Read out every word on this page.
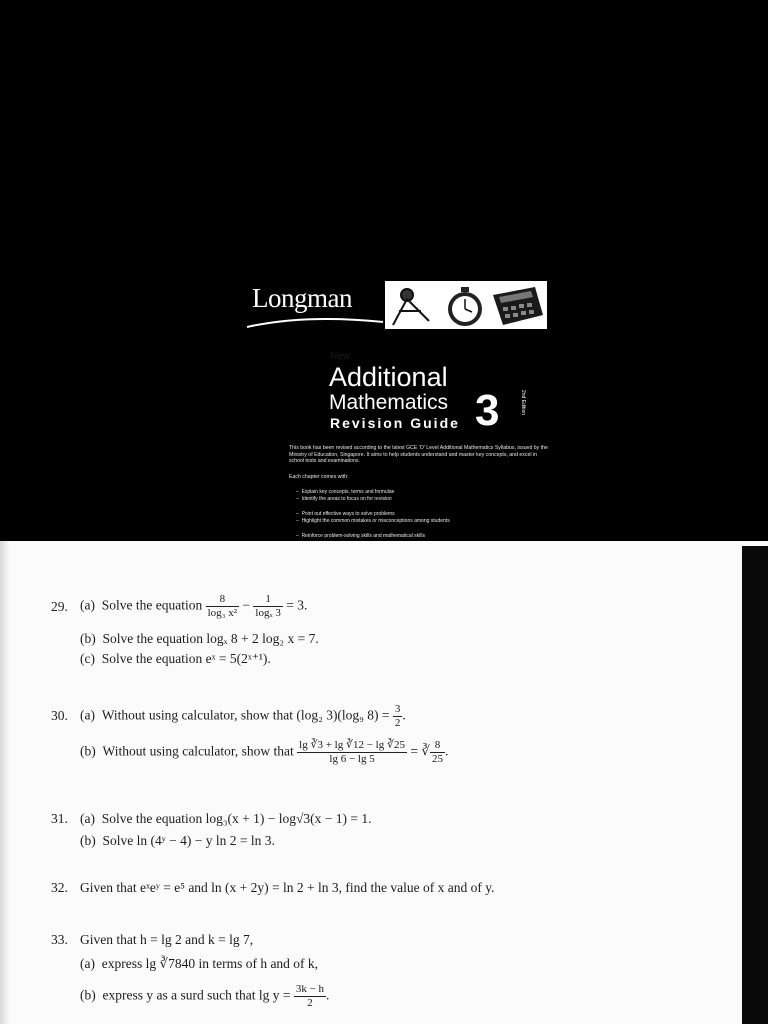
Longman
New
Additional
Mathematics
Revision Guide 3	2nd Edition
This book has been revised according to the latest GCE 'O' Level Additional Mathematics Syllabus, issued by the Ministry of Education, Singapore. It aims to help students understand and master key concepts, and excel in school tests and examinations.
Each chapter comes with:
–  Explain key concepts, terms and formulae
–  Identify the areas to focus on for revision
–  Point out effective ways to solve problems
–  Highlight the common mistakes or misconceptions among students
–  Reinforce problem-solving skills and mathematical skills
29. (a) Solve the equation $\frac{8}{\text{log₃ x²}} - \frac{1}{\text{logₓ 3}} = 3$.
(b) Solve the equation logₓ 8 + 2 log₂ x = 7.
(c) Solve the equation eˣ = 5(2ˣ⁺¹).
30. (a) Without using calculator, show that (log₂ 3)(log₉ $8) = \frac{3}{2}$ .
(b) Without using calculator, show that $\frac{\lg ∛3 + \lg ∛12 - \lg ∛25}{\lg 6 - \lg 5}$ = ∛ $\frac{8}{25}$ .
31. (a) Solve the equation log₃(x + 1) − log√3(x − 1) = 1.
(b) Solve ln (4ʸ − 4) − y ln 2 = ln 3.
32. Given that eˣeʸ = e⁵ and ln (x + 2y) = ln 2 + ln 3, find the value of x and of y.
33. Given that h = lg 2 and k = lg 7,
(a) express lg ∛7840 in terms of h and of k,
(b) express y as a surd such that $\lg y = \frac{3k - h}{2}$ .
